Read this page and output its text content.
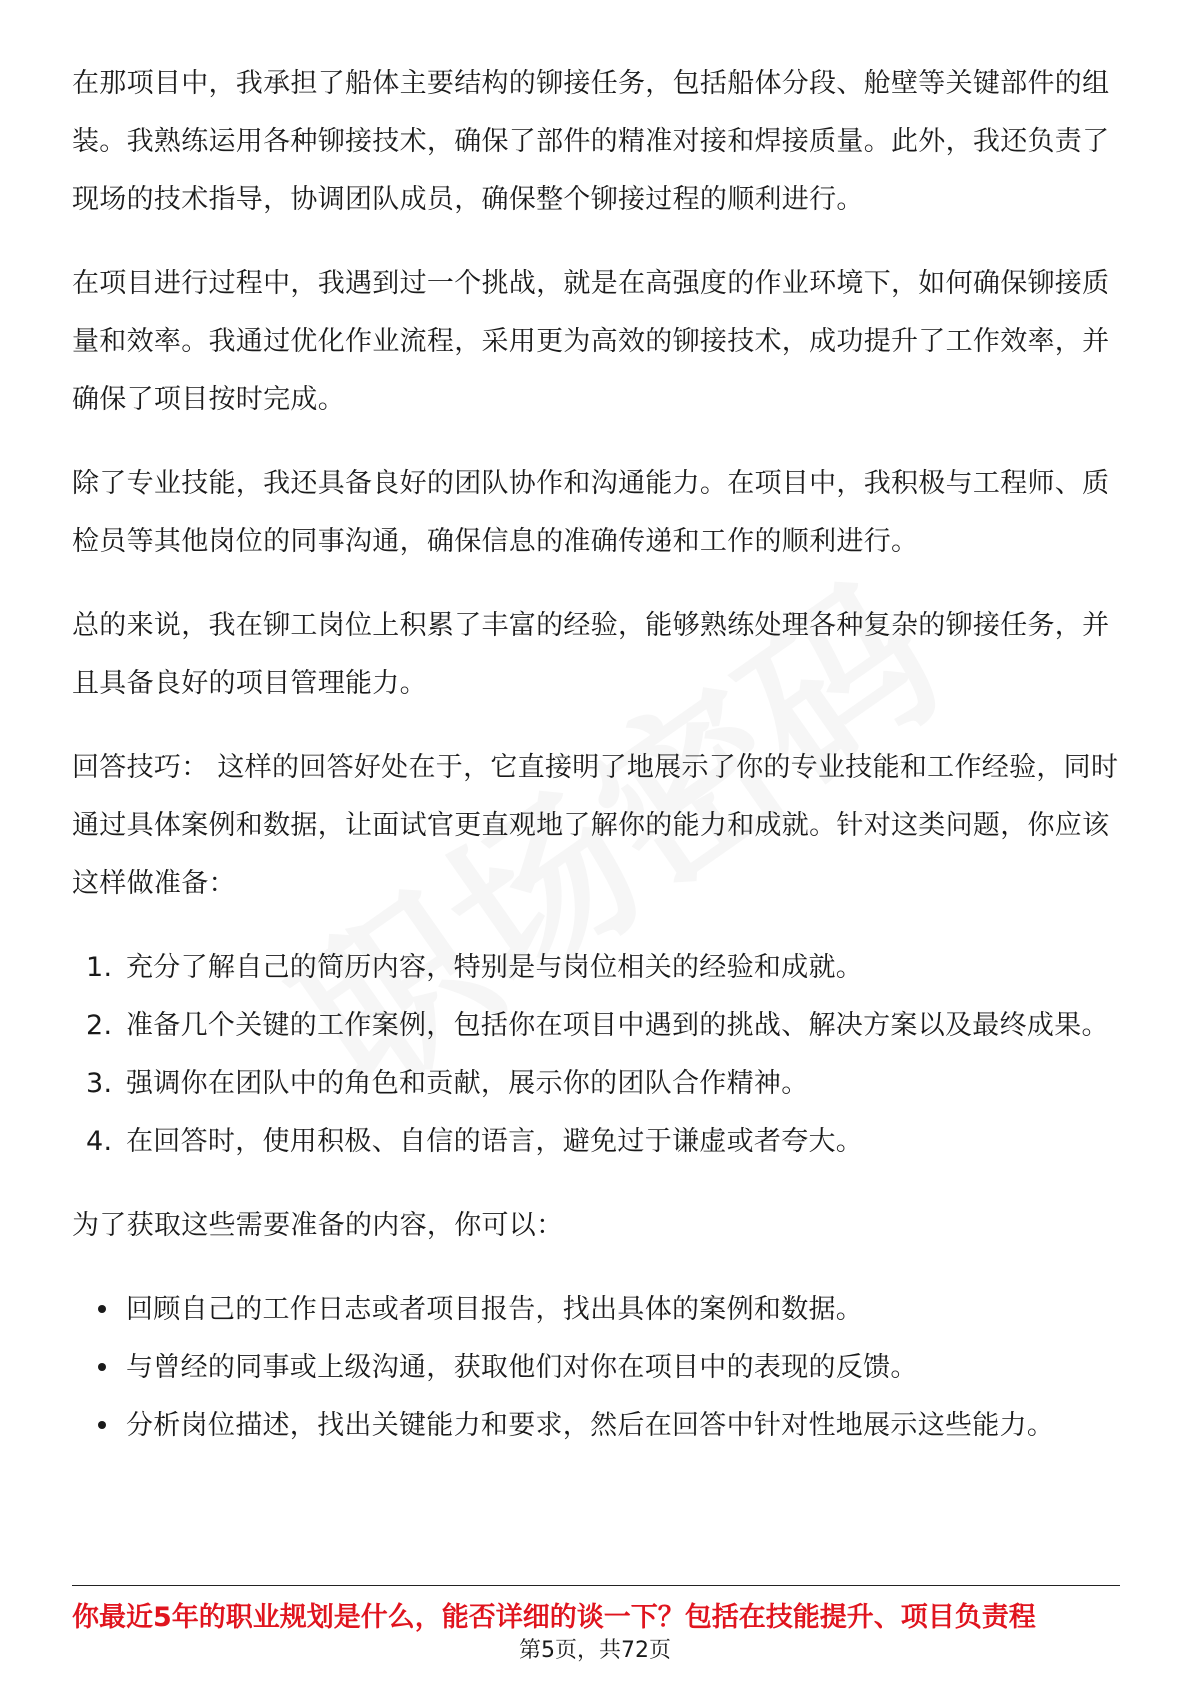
在那项目中，我承担了船体主要结构的铆接任务，包括船体分段、舱壁等关键部件的组装。我熟练运用各种铆接技术，确保了部件的精准对接和焊接质量。此外，我还负责了现场的技术指导，协调团队成员，确保整个铆接过程的顺利进行。

在项目进行过程中，我遇到过一个挑战，就是在高强度的作业环境下，如何确保铆接质量和效率。我通过优化作业流程，采用更为高效的铆接技术，成功提升了工作效率，并确保了项目按时完成。

除了专业技能，我还具备良好的团队协作和沟通能力。在项目中，我积极与工程师、质检员等其他岗位的同事沟通，确保信息的准确传递和工作的顺利进行。

总的来说，我在铆工岗位上积累了丰富的经验，能够熟练处理各种复杂的铆接任务，并且具备良好的项目管理能力。

回答技巧： 这样的回答好处在于，它直接明了地展示了你的专业技能和工作经验，同时通过具体案例和数据，让面试官更直观地了解你的能力和成就。针对这类问题，你应该这样做准备：

1. 充分了解自己的简历内容，特别是与岗位相关的经验和成就。
2. 准备几个关键的工作案例，包括你在项目中遇到的挑战、解决方案以及最终成果。
3. 强调你在团队中的角色和贡献，展示你的团队合作精神。
4. 在回答时，使用积极、自信的语言，避免过于谦虚或者夸大。

为了获取这些需要准备的内容，你可以：

回顾自己的工作日志或者项目报告，找出具体的案例和数据。
与曾经的同事或上级沟通，获取他们对你在项目中的表现的反馈。
分析岗位描述，找出关键能力和要求，然后在回答中针对性地展示这些能力。
你最近5年的职业规划是什么，能否详细的谈一下？包括在技能提升、项目负责程
第5页，共72页
